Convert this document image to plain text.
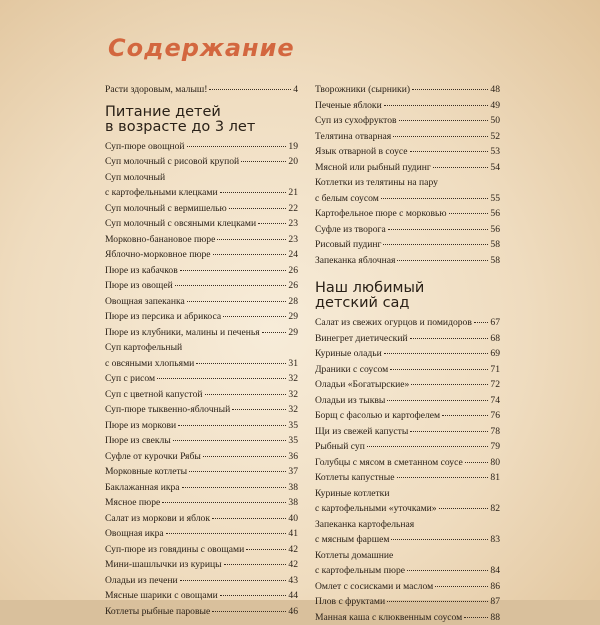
Содержание
Расти здоровым, малыш!	4
Питание детей
в возрасте до 3 лет
Суп-пюре овощной	19
Суп молочный с рисовой крупой	20
Суп молочный
с картофельными клецками	21
Суп молочный с вермишелью	22
Суп молочный с овсяными клецками	23
Морковно-банановое пюре	23
Яблочно-морковное пюре	24
Пюре из кабачков	26
Пюре из овощей	26
Овощная запеканка	28
Пюре из персика и абрикоса	29
Пюре из клубники, малины и печенья	29
Суп картофельный
с овсяными хлопьями	31
Суп с рисом	32
Суп с цветной капустой	32
Суп-пюре тыквенно-яблочный	32
Пюре из моркови	35
Пюре из свеклы	35
Суфле от курочки Рябы	36
Морковные котлеты	37
Баклажанная икра	38
Мясное пюре	38
Салат из моркови и яблок	40
Овощная икра	41
Суп-пюре из говядины с овощами	42
Мини-шашлычки из курицы	42
Оладьи из печени	43
Мясные шарики с овощами	44
Котлеты рыбные паровые	46
Творожники (сырники)	48
Печеные яблоки	49
Суп из сухофруктов	50
Телятина отварная	52
Язык отварной в соусе	53
Мясной или рыбный пудинг	54
Котлетки из телятины на пару
с белым соусом	55
Картофельное пюре с морковью	56
Суфле из творога	56
Рисовый пудинг	58
Запеканка яблочная	58
Наш любимый
детский сад
Салат из свежих огурцов и помидоров 67
Винегрет диетический	68
Куриные оладьи	69
Драники с соусом	71
Оладьи «Богатырские»	72
Оладьи из тыквы	74
Борщ с фасолью и картофелем	76
Щи из свежей капусты	78
Рыбный суп	79
Голубцы с мясом в сметанном соусе	80
Котлеты капустные	81
Куриные котлетки
с картофельными «уточками»	82
Запеканка картофельная
с мясным фаршем	83
Котлеты домашние
с картофельным пюре	84
Омлет с сосисками и маслом	86
Плов с фруктами	87
Манная каша с клюквенным соусом	88
